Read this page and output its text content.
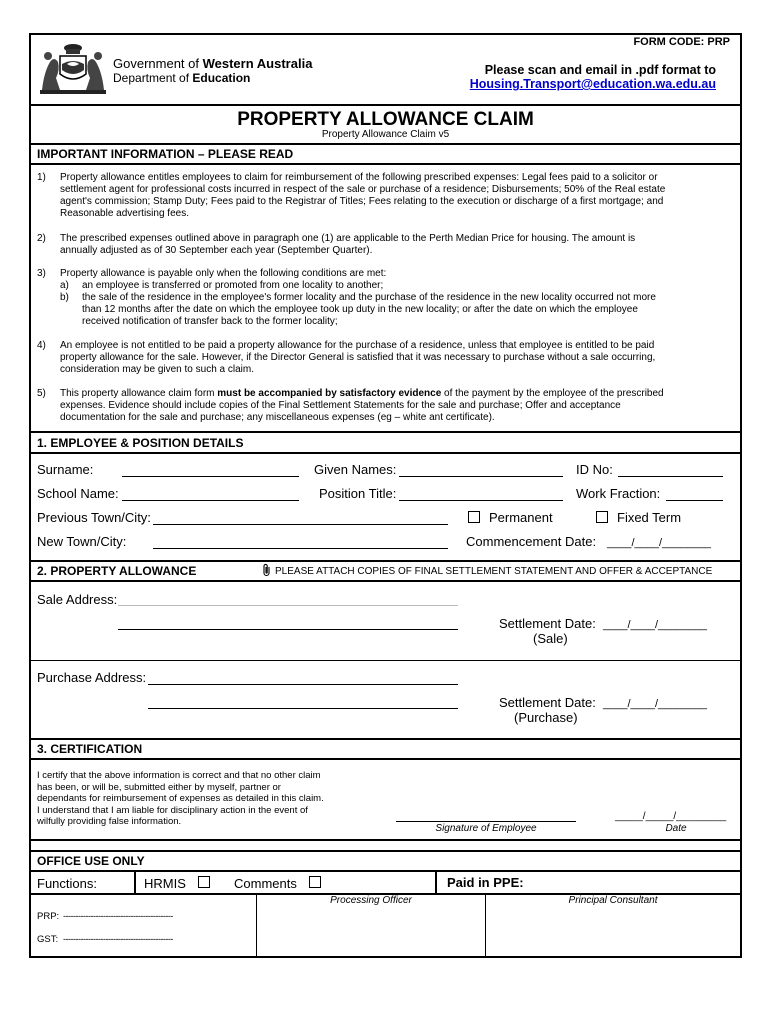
FORM CODE: PRP
Government of Western Australia
Department of Education
Please scan and email in .pdf format to
Housing.Transport@education.wa.edu.au
PROPERTY ALLOWANCE CLAIM
Property Allowance Claim v5
IMPORTANT INFORMATION – PLEASE READ
1) Property allowance entitles employees to claim for reimbursement of the following prescribed expenses: Legal fees paid to a solicitor or
settlement agent for professional costs incurred in respect of the sale or purchase of a residence; Disbursements; 50% of the Real estate
agent's commission; Stamp Duty; Fees paid to the Registrar of Titles; Fees relating to the execution or discharge of a first mortgage; and
Reasonable advertising fees.
2) The prescribed expenses outlined above in paragraph one (1) are applicable to the Perth Median Price for housing. The amount is
annually adjusted as of 30 September each year (September Quarter).
3) Property allowance is payable only when the following conditions are met:
a) an employee is transferred or promoted from one locality to another;
b) the sale of the residence in the employee's former locality and the purchase of the residence in the new locality occurred not more
than 12 months after the date on which the employee took up duty in the new locality; or after the date on which the employee
received notification of transfer back to the former locality;
4) An employee is not entitled to be paid a property allowance for the purchase of a residence, unless that employee is entitled to be paid
property allowance for the sale. However, if the Director General is satisfied that it was necessary to purchase without a sale occurring,
consideration may be given to such a claim.
5) This property allowance claim form must be accompanied by satisfactory evidence of the payment by the employee of the prescribed
expenses. Evidence should include copies of the Final Settlement Statements for the sale and purchase; Offer and acceptance
documentation for the sale and purchase; any miscellaneous expenses (eg – white ant certificate).
1. EMPLOYEE & POSITION DETAILS
Surname:	Given Names:	ID No:
School Name:	Position Title:	Work Fraction:
Previous Town/City:	Permanent	Fixed Term
New Town/City:	Commencement Date: ____/____/________
2. PROPERTY ALLOWANCE	PLEASE ATTACH COPIES OF FINAL SETTLEMENT STATEMENT AND OFFER & ACCEPTANCE
Sale Address:
Settlement Date: ____/____/________
(Sale)
Purchase Address:
Settlement Date: ____/____/________
(Purchase)
3. CERTIFICATION
I certify that the above information is correct and that no other claim
has been, or will be, submitted either by myself, partner or
dependants for reimbursement of expenses as detailed in this claim.
I understand that I am liable for disciplinary action in the event of
wilfully providing false information.
Signature of Employee
_____/_____/_________
Date
OFFICE USE ONLY
Functions:	HRMIS	Comments	Paid in PPE:
Processing Officer	Principal Consultant
PRP: --------------------------------------------
GST: --------------------------------------------
